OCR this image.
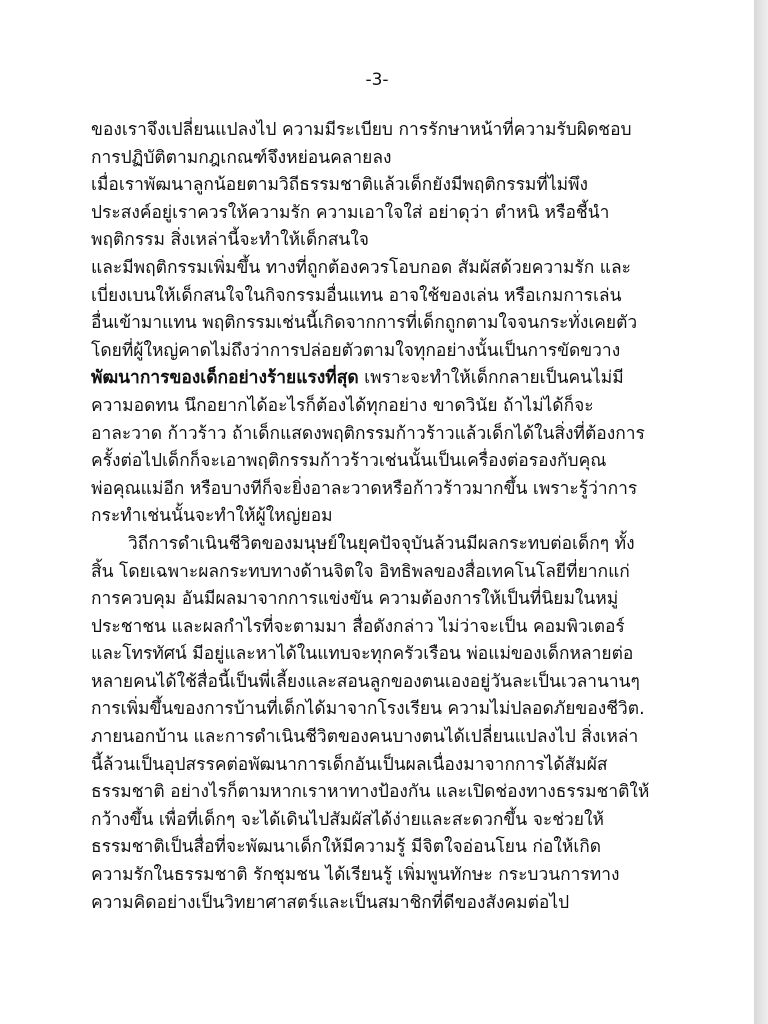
-3-
ของเราจึงเปลี่ยนแปลงไป ความมีระเบียบ การรักษาหน้าที่ความรับผิดชอบ
การปฏิบัติตามกฎเกณฑ์จึงหย่อนคลายลง
เมื่อเราพัฒนาลูกน้อยตามวิถีธรรมชาติแล้วเด็กยังมีพฤติกรรมที่ไม่พึง
ประสงค์อยู่เราควรให้ความรัก ความเอาใจใส่ อย่าดุว่า ตำหนิ หรือชี้นำ
พฤติกรรม สิ่งเหล่านี้จะทำให้เด็กสนใจ
และมีพฤติกรรมเพิ่มขึ้น ทางที่ถูกต้องควรโอบกอด สัมผัสด้วยความรัก และ
เบี่ยงเบนให้เด็กสนใจในกิจกรรมอื่นแทน อาจใช้ของเล่น หรือเกมการเล่น
อื่นเข้ามาแทน พฤติกรรมเช่นนี้เกิดจากการที่เด็กถูกตามใจจนกระทั่งเคยตัว
โดยที่ผู้ใหญ่คาดไม่ถึงว่าการปล่อยตัวตามใจทุกอย่างนั้นเป็นการขัดขวาง
พัฒนาการของเด็กอย่างร้ายแรงที่สุด เพราะจะทำให้เด็กกลายเป็นคนไม่มี
ความอดทน นึกอยากได้อะไรก็ต้องได้ทุกอย่าง ขาดวินัย ถ้าไม่ได้ก็จะ
อาละวาด ก้าวร้าว ถ้าเด็กแสดงพฤติกรรมก้าวร้าวแล้วเด็กได้ในสิ่งที่ต้องการ
ครั้งต่อไปเด็กก็จะเอาพฤติกรรมก้าวร้าวเช่นนั้นเป็นเครื่องต่อรองกับคุณ
พ่อคุณแม่อีก หรือบางทีก็จะยิ่งอาละวาดหรือก้าวร้าวมากขึ้น เพราะรู้ว่าการ
กระทำเช่นนั้นจะทำให้ผู้ใหญ่ยอม
วิถีการดำเนินชีวิตของมนุษย์ในยุคปัจจุบันล้วนมีผลกระทบต่อเด็กๆ ทั้ง
สิ้น โดยเฉพาะผลกระทบทางด้านจิตใจ อิทธิพลของสื่อเทคโนโลยีที่ยากแก่
การควบคุม อันมีผลมาจากการแข่งขัน ความต้องการให้เป็นที่นิยมในหมู่
ประชาชน และผลกำไรที่จะตามมา สื่อดังกล่าว ไม่ว่าจะเป็น คอมพิวเตอร์
และโทรทัศน์ มีอยู่และหาได้ในแทบจะทุกครัวเรือน พ่อแม่ของเด็กหลายต่อ
หลายคนได้ใช้สื่อนี้เป็นพี่เลี้ยงและสอนลูกของตนเองอยู่วันละเป็นเวลานานๆ
การเพิ่มขึ้นของการบ้านที่เด็กได้มาจากโรงเรียน ความไม่ปลอดภัยของชีวิต.
ภายนอกบ้าน และการดำเนินชีวิตของคนบางตนได้เปลี่ยนแปลงไป สิ่งเหล่า
นี้ล้วนเป็นอุปสรรคต่อพัฒนาการเด็กอันเป็นผลเนื่องมาจากการได้สัมผัส
ธรรมชาติ อย่างไรก็ตามหากเราหาทางป้องกัน และเปิดช่องทางธรรมชาติให้
กว้างขึ้น เพื่อที่เด็กๆ จะได้เดินไปสัมผัสได้ง่ายและสะดวกขึ้น จะช่วยให้
ธรรมชาติเป็นสื่อที่จะพัฒนาเด็กให้มีความรู้ มีจิตใจอ่อนโยน ก่อให้เกิด
ความรักในธรรมชาติ รักชุมชน ได้เรียนรู้ เพิ่มพูนทักษะ กระบวนการทาง
ความคิดอย่างเป็นวิทยาศาสตร์และเป็นสมาชิกที่ดีของสังคมต่อไป
